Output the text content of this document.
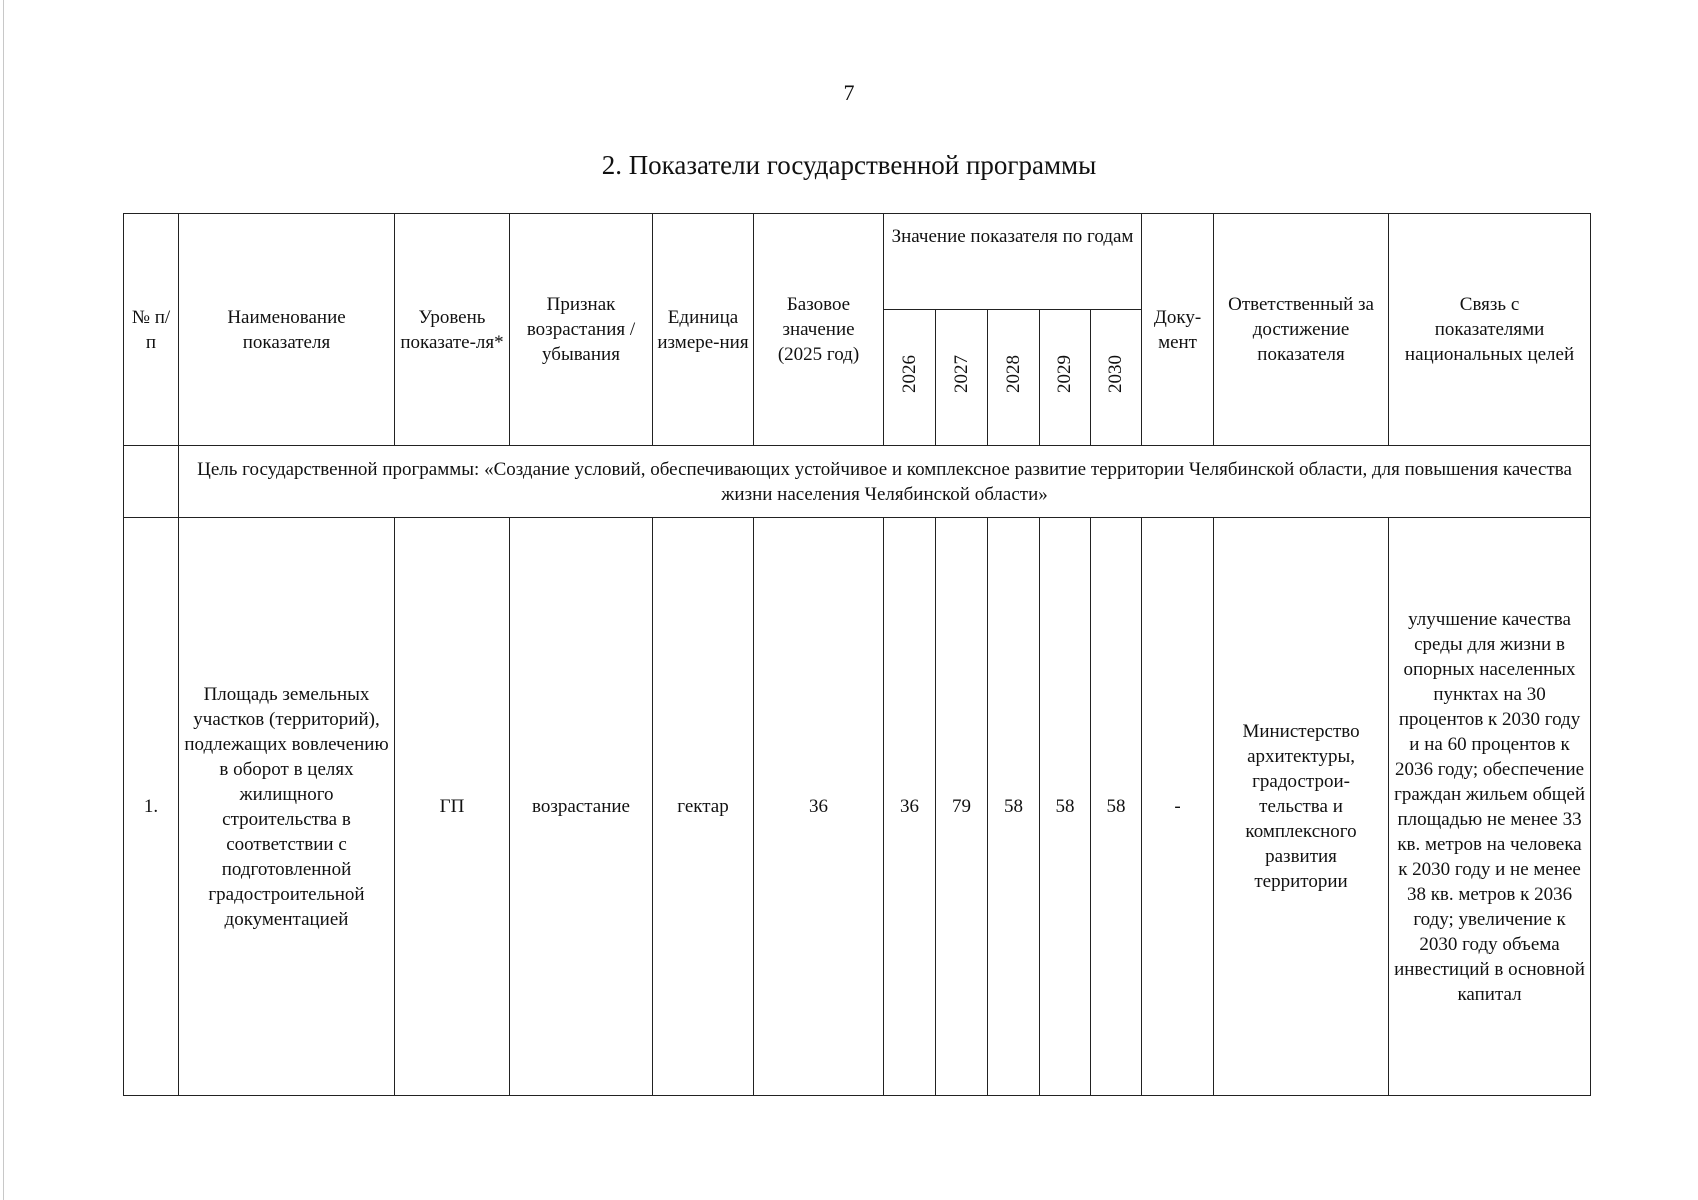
7
2. Показатели государственной программы
№ п/п	Наименование показателя	Уровень показате-ля*	Признак возрастания / убывания	Единица измере-ния	Базовое значение (2025 год)	Значение показателя по годам					Доку-мент	Ответственный за достижение показателя	Связь с показателями национальных целей
						2026	2027	2028	2029	2030			
	Цель государственной программы: «Создание условий, обеспечивающих устойчивое и комплексное развитие территории Челябинской области, для повышения качества жизни населения Челябинской области»												
1.	Площадь земельных участков (территорий), подлежащих вовлечению в оборот в целях жилищного строительства в соответствии с подготовленной градостроительной документацией	ГП	возрастание	гектар	36	36	79	58	58	58	-	Министерство архитектуры, градострои-тельства и комплексного развития территории	улучшение качества среды для жизни в опорных населенных пунктах на 30 процентов к 2030 году и на 60 процентов к 2036 году; обеспечение граждан жильем общей площадью не менее 33 кв. метров на человека к 2030 году и не менее 38 кв. метров к 2036 году; увеличение к 2030 году объема инвестиций в основной капитал
